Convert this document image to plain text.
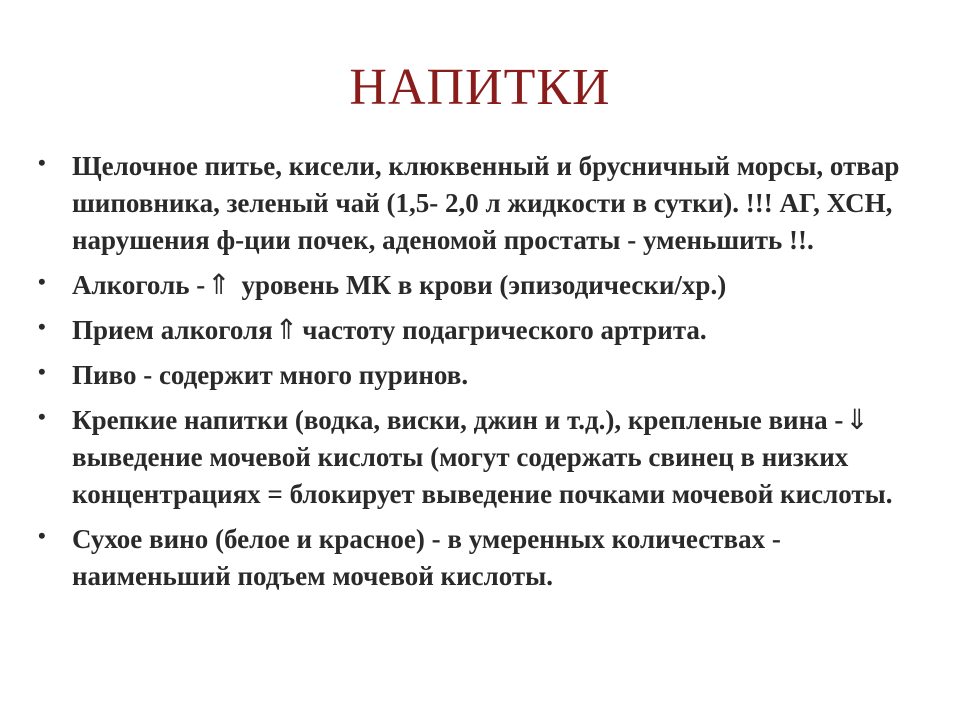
НАПИТКИ
• Щелочное питье, кисели, клюквенный и брусничный морсы, отвар шиповника, зеленый чай (1,5- 2,0 л жидкости в сутки). !!! АГ, ХСН, нарушения ф-ции почек, аденомой простаты - уменьшить !!.
• Алкоголь -⇑ уровень МК в крови (эпизодически/хр.)
• Прием алкоголя⇑ частоту подагрического артрита.
• Пиво - содержит много пуринов.
• Крепкие напитки (водка, виски, джин и т.д.), крепленые вина -⇓выведение мочевой кислоты (могут содержать свинец в низких концентрациях = блокирует выведение почками мочевой кислоты.
• Сухое вино (белое и красное) - в умеренных количествах - наименьший подъем мочевой кислоты.
